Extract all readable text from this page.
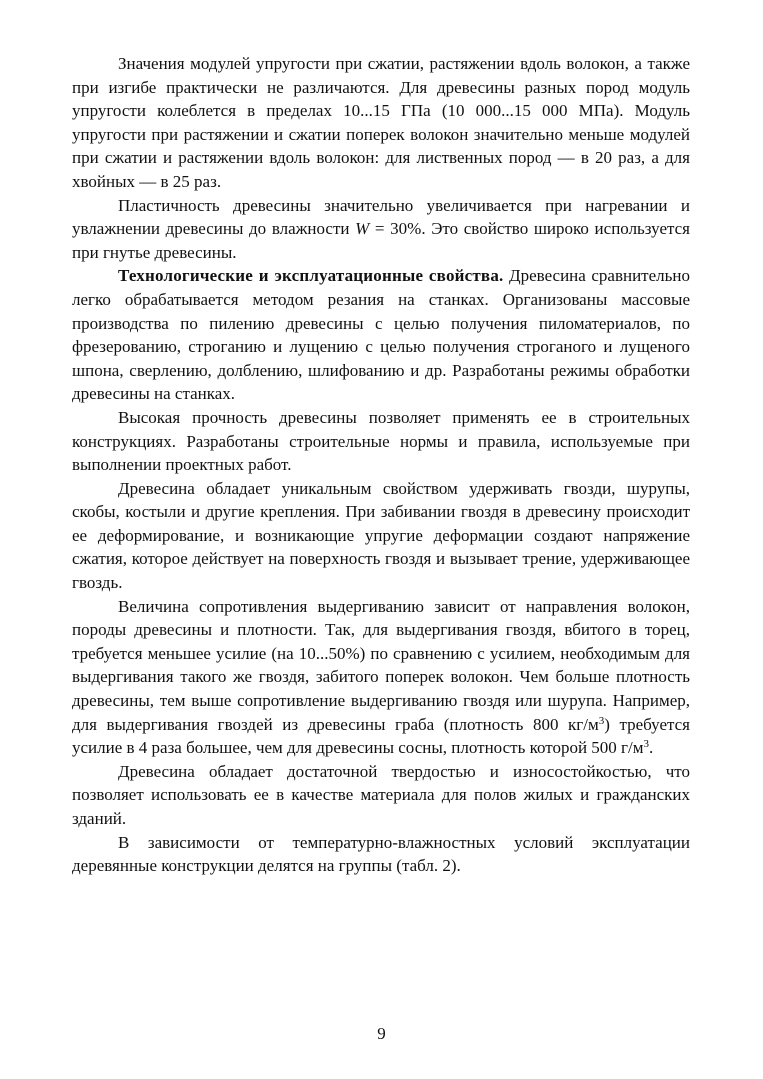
Значения модулей упругости при сжатии, растяжении вдоль волокон, а также при изгибе практически не различаются. Для древесины разных пород модуль упругости колеблется в пределах 10...15 ГПа (10 000...15 000 МПа). Модуль упругости при растяжении и сжатии поперек волокон значительно меньше модулей при сжатии и растяжении вдоль волокон: для лиственных пород — в 20 раз, а для хвойных — в 25 раз.

Пластичность древесины значительно увеличивается при нагревании и увлажнении древесины до влажности W = 30%. Это свойство широко используется при гнутье древесины.

Технологические и эксплуатационные свойства. Древесина сравнительно легко обрабатывается методом резания на станках. Организованы массовые производства по пилению древесины с целью получения пиломатериалов, по фрезерованию, строганию и лущению с целью получения строганого и лущеного шпона, сверлению, долблению, шлифованию и др. Разработаны режимы обработки древесины на станках.

Высокая прочность древесины позволяет применять ее в строительных конструкциях. Разработаны строительные нормы и правила, используемые при выполнении проектных работ.

Древесина обладает уникальным свойством удерживать гвозди, шурупы, скобы, костыли и другие крепления. При забивании гвоздя в древесину происходит ее деформирование, и возникающие упругие деформации создают напряжение сжатия, которое действует на поверхность гвоздя и вызывает трение, удерживающее гвоздь.

Величина сопротивления выдергиванию зависит от направления волокон, породы древесины и плотности. Так, для выдергивания гвоздя, вбитого в торец, требуется меньшее усилие (на 10...50%) по сравнению с усилием, необходимым для выдергивания такого же гвоздя, забитого поперек волокон. Чем больше плотность древесины, тем выше сопротивление выдергиванию гвоздя или шурупа. Например, для выдергивания гвоздей из древесины граба (плотность 800 $кг/м^3$) требуется усилие в 4 раза большее, чем для древесины сосны, плотность которой 500 $г/м^3$.

Древесина обладает достаточной твердостью и износостойкостью, что позволяет использовать ее в качестве материала для полов жилых и гражданских зданий.

В зависимости от температурно-влажностных условий эксплуатации деревянные конструкции делятся на группы (табл. 2).

9
